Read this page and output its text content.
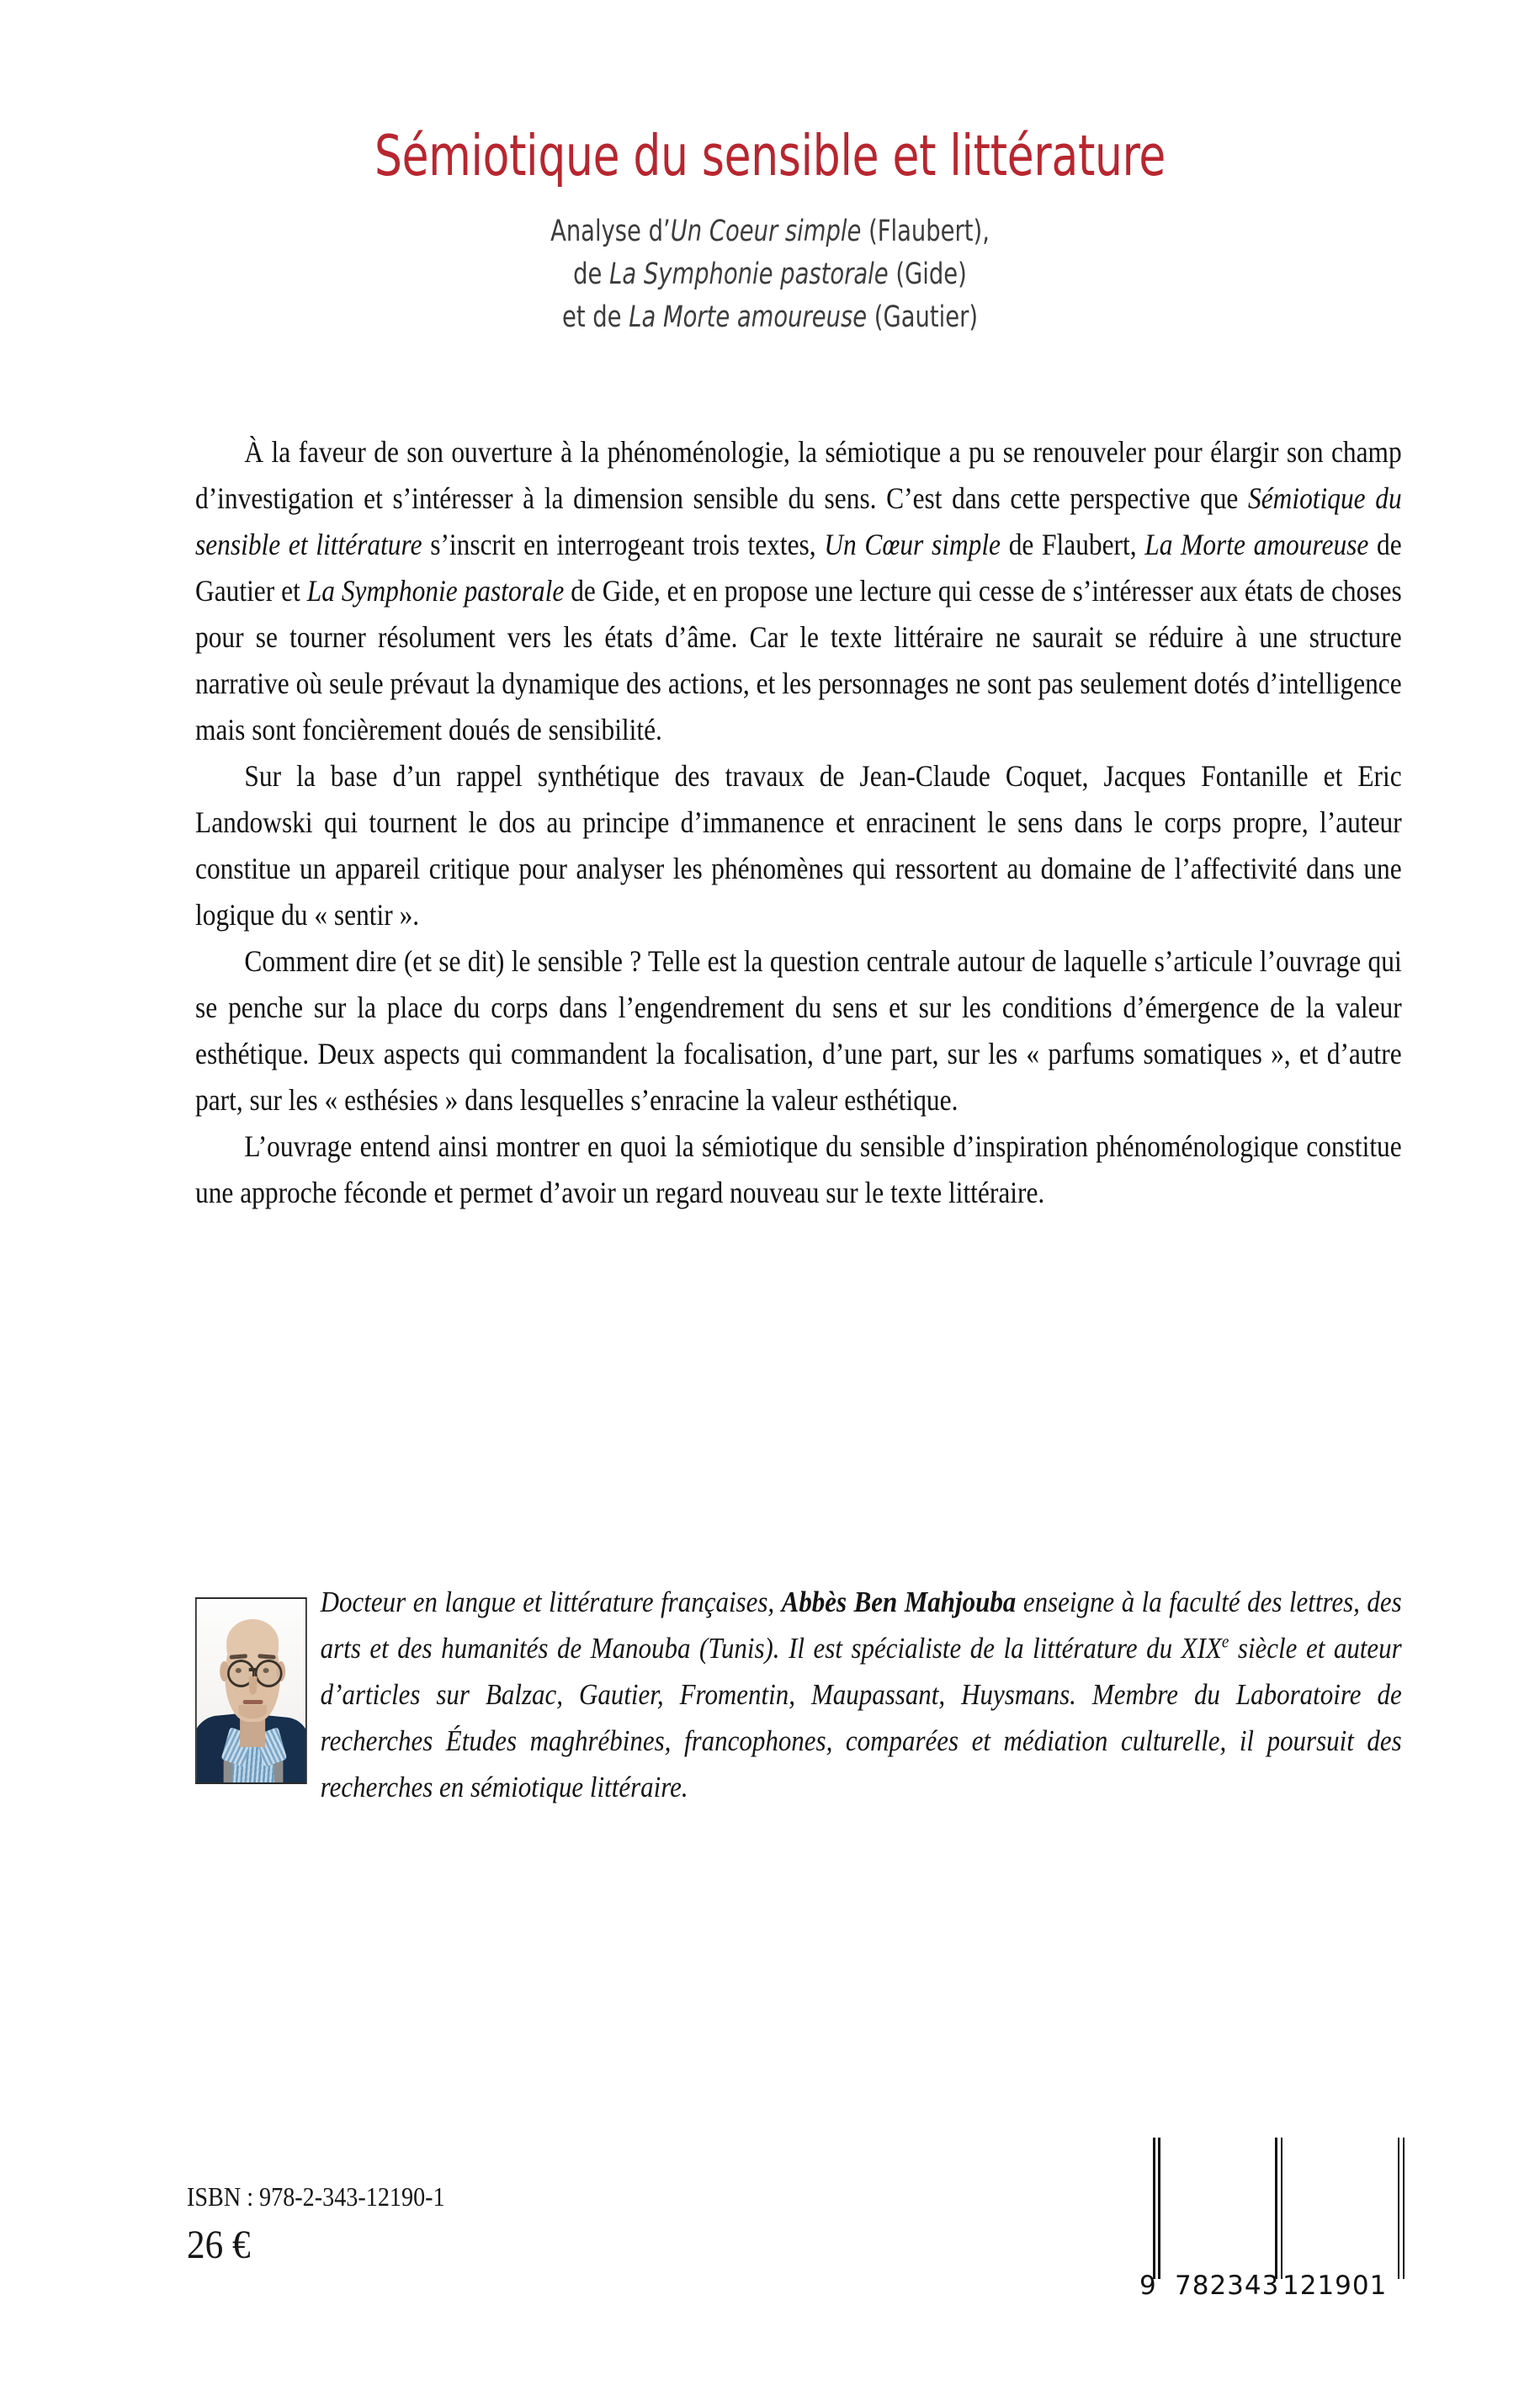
Sémiotique du sensible et littérature
Analyse d’Un Coeur simple (Flaubert),
de La Symphonie pastorale (Gide)
et de La Morte amoureuse (Gautier)

À la faveur de son ouverture à la phénoménologie, la sémiotique a pu se renouveler pour élargir son champ d’investigation et s’intéresser à la dimension sensible du sens. C’est dans cette perspective que Sémiotique du sensible et littérature s’inscrit en interrogeant trois textes, Un Cœur simple de Flaubert, La Morte amoureuse de Gautier et La Symphonie pastorale de Gide, et en propose une lecture qui cesse de s’intéresser aux états de choses pour se tourner résolument vers les états d’âme. Car le texte littéraire ne saurait se réduire à une structure narrative où seule prévaut la dynamique des actions, et les personnages ne sont pas seulement dotés d’intelligence mais sont foncièrement doués de sensibilité.

Sur la base d’un rappel synthétique des travaux de Jean-Claude Coquet, Jacques Fontanille et Eric Landowski qui tournent le dos au principe d’immanence et enracinent le sens dans le corps propre, l’auteur constitue un appareil critique pour analyser les phénomènes qui ressortent au domaine de l’affectivité dans une logique du « sentir ».

Comment dire (et se dit) le sensible ? Telle est la question centrale autour de laquelle s’articule l’ouvrage qui se penche sur la place du corps dans l’engendrement du sens et sur les conditions d’émergence de la valeur esthétique. Deux aspects qui commandent la focalisation, d’une part, sur les « parfums somatiques », et d’autre part, sur les « esthésies » dans lesquelles s’enracine la valeur esthétique.

L’ouvrage entend ainsi montrer en quoi la sémiotique du sensible d’inspiration phénoménologique constitue une approche féconde et permet d’avoir un regard nouveau sur le texte littéraire.

Docteur en langue et littérature françaises, Abbès Ben Mahjouba enseigne à la faculté des lettres, des arts et des humanités de Manouba (Tunis). Il est spécialiste de la littérature du XIXe siècle et auteur d’articles sur Balzac, Gautier, Fromentin, Maupassant, Huysmans. Membre du Laboratoire de recherches Études maghrébines, francophones, comparées et médiation culturelle, il poursuit des recherches en sémiotique littéraire.
ISBN : 978-2-343-12190-1
26 €
9 782343 121901
